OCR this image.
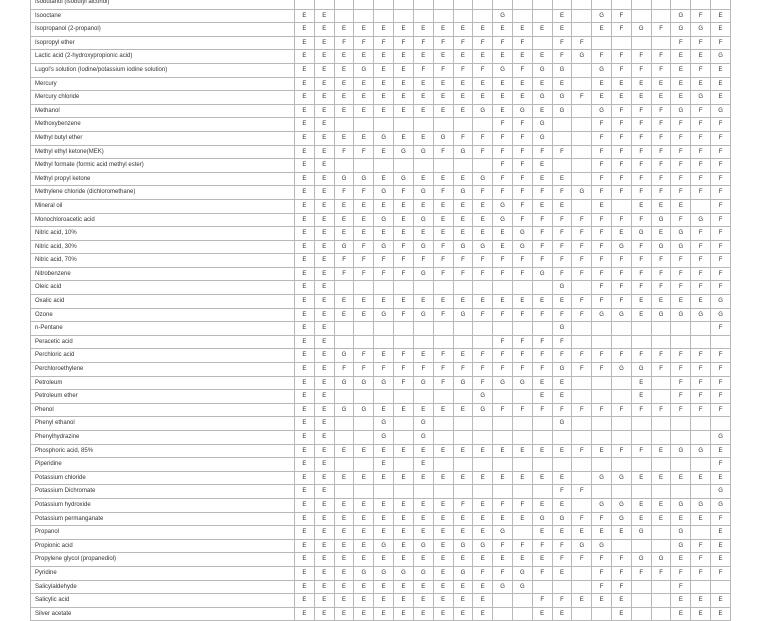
Isobutanol (isobutyl alcohol)																						
Isooctane	E	E									G			E		G	F			G	F	E
Isopropanol (2-propanol)	E	E	E	E	E	E	E	E	E	E	E	E	E	E		E	F	G	F	G	G	E
Isopropyl ether	E	E	F	F	F	F	F	F	F	F	F	F		F	F					F	F	F
Lactic acid (2-hydroxypropionic acid)	E	E	E	E	E	E	E	E	E	E	E	E	E	F	G	F	F	F	F	E	E	G
Lugol's solution (Iodine/potassium iodine solution)	E	E	E	G	E	E	F	F	F	F	G	F	G	G		G	F	F	F	E	F	E
Mercury	E	E	E	E	E	E	E	E	E	E	E	E	E	E		E	E	E	E	E	E	E
Mercury chloride	E	E	E	E	E	E	E	E	E	E	E	E	G	G	F	E	E	E	E	E	G	E
Methanol	E	E	E	E	E	E	E	E	E	G	E	G	E	G		G	F	F	F	G	F	G
Methoxybenzene	E	E									F	F	G			F	F	F	F	F	F	F
Methyl butyl ether	E	E	E	E	G	E	E	G	F	F	F	F	G			F	F	F	F	F	F	F
Methyl ethyl ketone(MEK)	E	E	F	F	E	G	G	F	G	F	F	F	F	F		F	F	F	F	F	F	F
Methyl formate (formic acid methyl ester)	E	E									F	F	E			F	F	F	F	F	F	F
Methyl propyl ketone	E	E	G	G	E	G	E	E	E	G	F	F	E	E		F	F	F	F	F	F	F
Methylene chloride (dichloromethane)	E	E	F	F	G	F	G	F	G	F	F	F	F	F	G	F	F	F	F	F	F	F
Mineral oil	E	E	E	E	E	E	E	E	E	E	G	F	E	E		E		E	E	E		F
Monochloroacetic acid	E	E	E	E	G	E	G	E	E	E	G	F	F	F	F	F	F	F	G	F	G	F
Nitric acid, 10%	E	E	E	E	E	E	E	E	E	E	E	G	F	F	F	F	E	G	E	G	F	F
Nitric acid, 30%	E	E	G	F	G	F	G	F	G	G	E	G	F	F	F	F	G	F	G	G	F	F
Nitric acid, 70%	E	E	F	F	F	F	F	F	F	F	F	F	F	F	F	F	F	F	F	F	F	F
Nitrobenzene	E	E	F	F	F	F	G	F	F	F	F	F	G	F	F	F	F	F	F	F	F	F
Oleic acid	E	E												G		F	F	F	F	F	F	F
Oxalic acid	E	E	E	E	E	E	E	E	E	E	E	E	E	E	F	F	F	E	E	E	E	G
Ozone	E	E	E	E	G	F	G	F	G	F	F	F	F	F	F	G	G	E	G	G	G	G
n-Pentane	E	E												G								F
Peracetic acid	E	E									F	F	F	F								
Perchloric acid	E	E	G	F	E	F	E	F	E	F	F	F	F	F	F	F	F	F	F	F	F	F
Perchloroethylene	E	E	F	F	F	F	F	F	F	F	F	F	F	G	F	F	G	G	F	F	F	F
Petroleum	E	E	G	G	G	F	G	F	G	F	G	G	E	E				E		F	F	F
Petroleum ether	E	E								G			E	E				E		F	F	F
Phenol	E	E	G	G	E	E	E	E	E	G	F	F	F	F	F	F	F	F	F	F	F	F
Phenyl ethanol	E	E			G		G							G								
Phenylhydrazine	E	E			G		G															G
Phosphoric acid, 85%	E	E	E	E	E	E	E	E	E	E	E	E	E	E	F	E	F	F	E	G	G	E
Piperidine	E	E			E		E															F
Potassium chloride	E	E	E	E	E	E	E	E	E	E	E	E	E	E		G	G	E	E	E	E	E
Potassium Dichromate	E	E												F	F							G
Potassium hydroxide	E	E	E	E	E	E	E	E	F	E	F	F	E	E		G	G	E	E	G	G	G
Potassium permanganate	E	E	E	E	E	E	E	E	E	E	E	E	G	G	F	F	G	E	E	E	E	F
Propanol	E	E	E	E	E	E	E	E	E	E	G		E	E	E	E	E	G		G		E
Propionic acid	E	E	E	E	G	E	G	E	G	G	F	F	F	F	G	G				G	F	E
Propylene glycol (propanediol)	E	E	E	E	E	E	E	E	E	E	E	E	E	F	F	F	F	G	G	E	F	E
Pyridine	E	E	E	G	G	G	G	E	G	F	F	G	F	E		F	F	F	F	F	F	F
Salicylaldehyde	E	E	E	E	E	E	E	E	E	E	G	G				F	F			F		
Salicylic acid	E	E	E	E	E	E	E	E	E	E			F	F	E	E	E			E	E	E
Silver acetate	E	E	E	E	E	E	E	E	E	E			E	E			E			E	E	E
